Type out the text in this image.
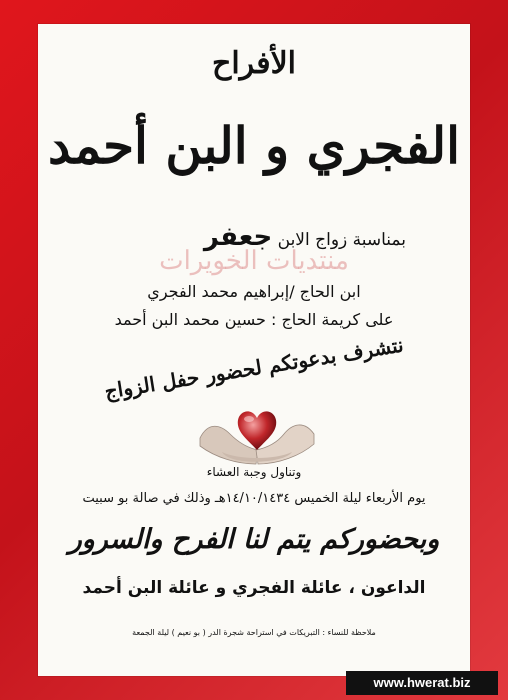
الأفراح
الفجري و البن أحمد
بمناسبة زواج الابن جعفر
منتديات الخويرات
ابن الحاج /إبراهيم محمد الفجري
على كريمة الحاج : حسين محمد البن أحمد
نتشرف بدعوتكم لحضور حفل الزواج
وتناول وجبة العشاء
يوم الأربعاء ليلة الخميس ١٤/١٠/١٤٣٤هـ وذلك في صالة بو سبيت
وبحضوركم يتم لنا الفرح والسرور
الداعون ، عائلة الفجري و عائلة البن أحمد
ملاحظة للنساء : التبريكات في استراحة شجرة الدر ( بو نعيم ) ليلة الجمعة
www.hwerat.biz
